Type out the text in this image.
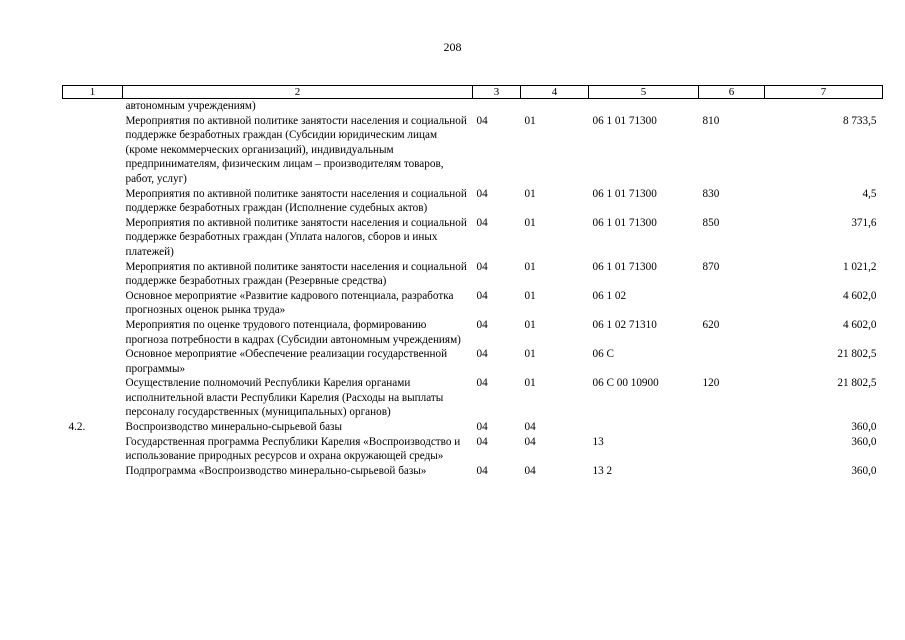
208
1	2	3	4	5	6	7
	автономным учреждениям)					
	Мероприятия по активной политике занятости населения и социальной поддержке безработных граждан (Субсидии юридическим лицам (кроме некоммерческих организаций), индивидуальным предпринимателям, физическим лицам – производителям товаров, работ, услуг)	04	01	06 1 01 71300	810	8 733,5
	Мероприятия по активной политике занятости населения и социальной поддержке безработных граждан (Исполнение судебных актов)	04	01	06 1 01 71300	830	4,5
	Мероприятия по активной политике занятости населения и социальной поддержке безработных граждан (Уплата налогов, сборов и иных платежей)	04	01	06 1 01 71300	850	371,6
	Мероприятия по активной политике занятости населения и социальной поддержке безработных граждан (Резервные средства)	04	01	06 1 01 71300	870	1 021,2
	Основное мероприятие «Развитие кадрового потенциала, разработка прогнозных оценок рынка труда»	04	01	06 1 02		4 602,0
	Мероприятия по оценке трудового потенциала, формированию прогноза потребности в кадрах (Субсидии автономным учреждениям)	04	01	06 1 02 71310	620	4 602,0
	Основное мероприятие «Обеспечение реализации государственной программы»	04	01	06 С		21 802,5
	Осуществление полномочий Республики Карелия органами исполнительной власти Республики Карелия (Расходы на выплаты персоналу государственных (муниципальных) органов)	04	01	06 С 00 10900	120	21 802,5
4.2.	Воспроизводство минерально-сырьевой базы	04	04			360,0
	Государственная программа Республики Карелия «Воспроизводство и использование природных ресурсов и охрана окружающей среды»	04	04	13		360,0
	Подпрограмма «Воспроизводство минерально-сырьевой базы»	04	04	13 2		360,0
